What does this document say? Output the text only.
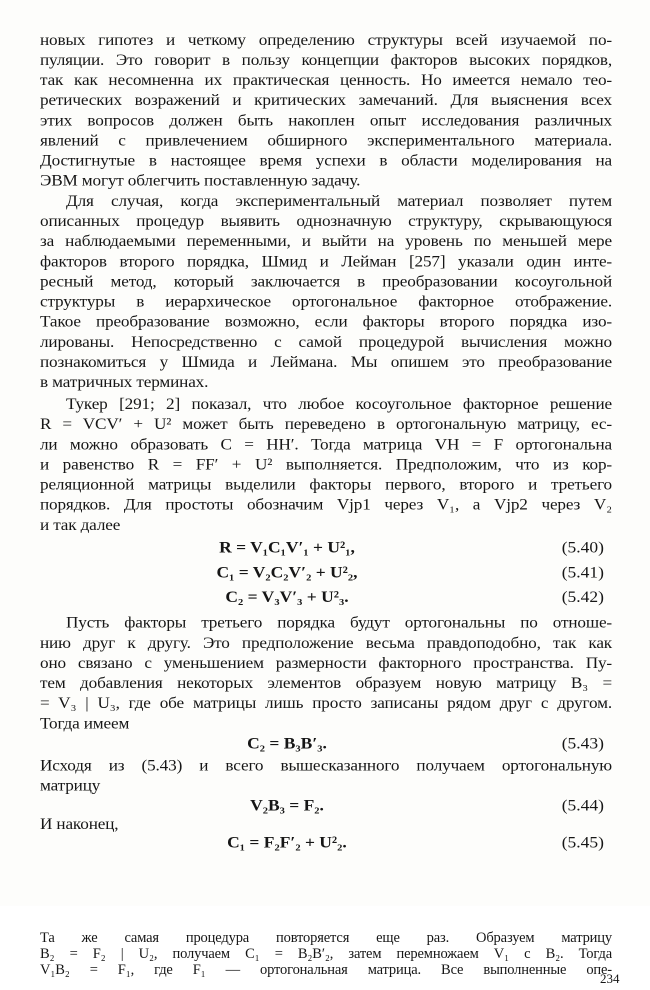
новых гипотез и четкому определению структуры всей изучаемой по-
пуляции. Это говорит в пользу концепции факторов высоких порядков,
так как несомненна их практическая ценность. Но имеется немало тео-
ретических возражений и критических замечаний. Для выяснения всех
этих вопросов должен быть накоплен опыт исследования различных
явлений с привлечением обширного экспериментального материала.
Достигнутые в настоящее время успехи в области моделирования на
ЭВМ могут облегчить поставленную задачу.
Для случая, когда экспериментальный материал позволяет путем
описанных процедур выявить однозначную структуру, скрывающуюся
за наблюдаемыми переменными, и выйти на уровень по меньшей мере
факторов второго порядка, Шмид и Лейман [257] указали один инте-
ресный метод, который заключается в преобразовании косоугольной
структуры в иерархическое ортогональное факторное отображение.
Такое преобразование возможно, если факторы второго порядка изо-
лированы. Непосредственно с самой процедурой вычисления можно
познакомиться у Шмида и Леймана. Мы опишем это преобразование
в матричных терминах.
Тукер [291; 2] показал, что любое косоугольное факторное решение
R = VCV′ + U² может быть переведено в ортогональную матрицу, ес-
ли можно образовать C = HH′. Тогда матрица VH = F ортогональна
и равенство R = FF′ + U² выполняется. Предположим, что из кор-
реляционной матрицы выделили факторы первого, второго и третьего
порядков. Для простоты обозначим Vjp1 через V₁, а Vjp2 через V₂
и так далее
R = V₁C₁V′₁ + U²₁,	(5.40)
C₁ = V₂C₂V′₂ + U²₂,	(5.41)
C₂ = V₃V′₃ + U²₃.	(5.42)
Пусть факторы третьего порядка будут ортогональны по отноше-
нию друг к другу. Это предположение весьма правдоподобно, так как
оно связано с уменьшением размерности факторного пространства. Пу-
тем добавления некоторых элементов образуем новую матрицу B₃ =
= V₃ | U₃, где обе матрицы лишь просто записаны рядом друг с другом.
Тогда имеем
C₂ = B₃B′₃.	(5.43)
Исходя из (5.43) и всего вышесказанного получаем ортогональную
матрицу
V₂B₃ = F₂.	(5.44)
И наконец,
C₁ = F₂F′₂ + U²₂.	(5.45)
Та же самая процедура повторяется еще раз. Образуем матрицу
B₂ = F₂ | U₂, получаем C₁ = B₂B′₂, затем перемножаем V₁ с B₂. Тогда
V₁B₂ = F₁, где F₁ — ортогональная матрица. Все выполненные опе-
234
